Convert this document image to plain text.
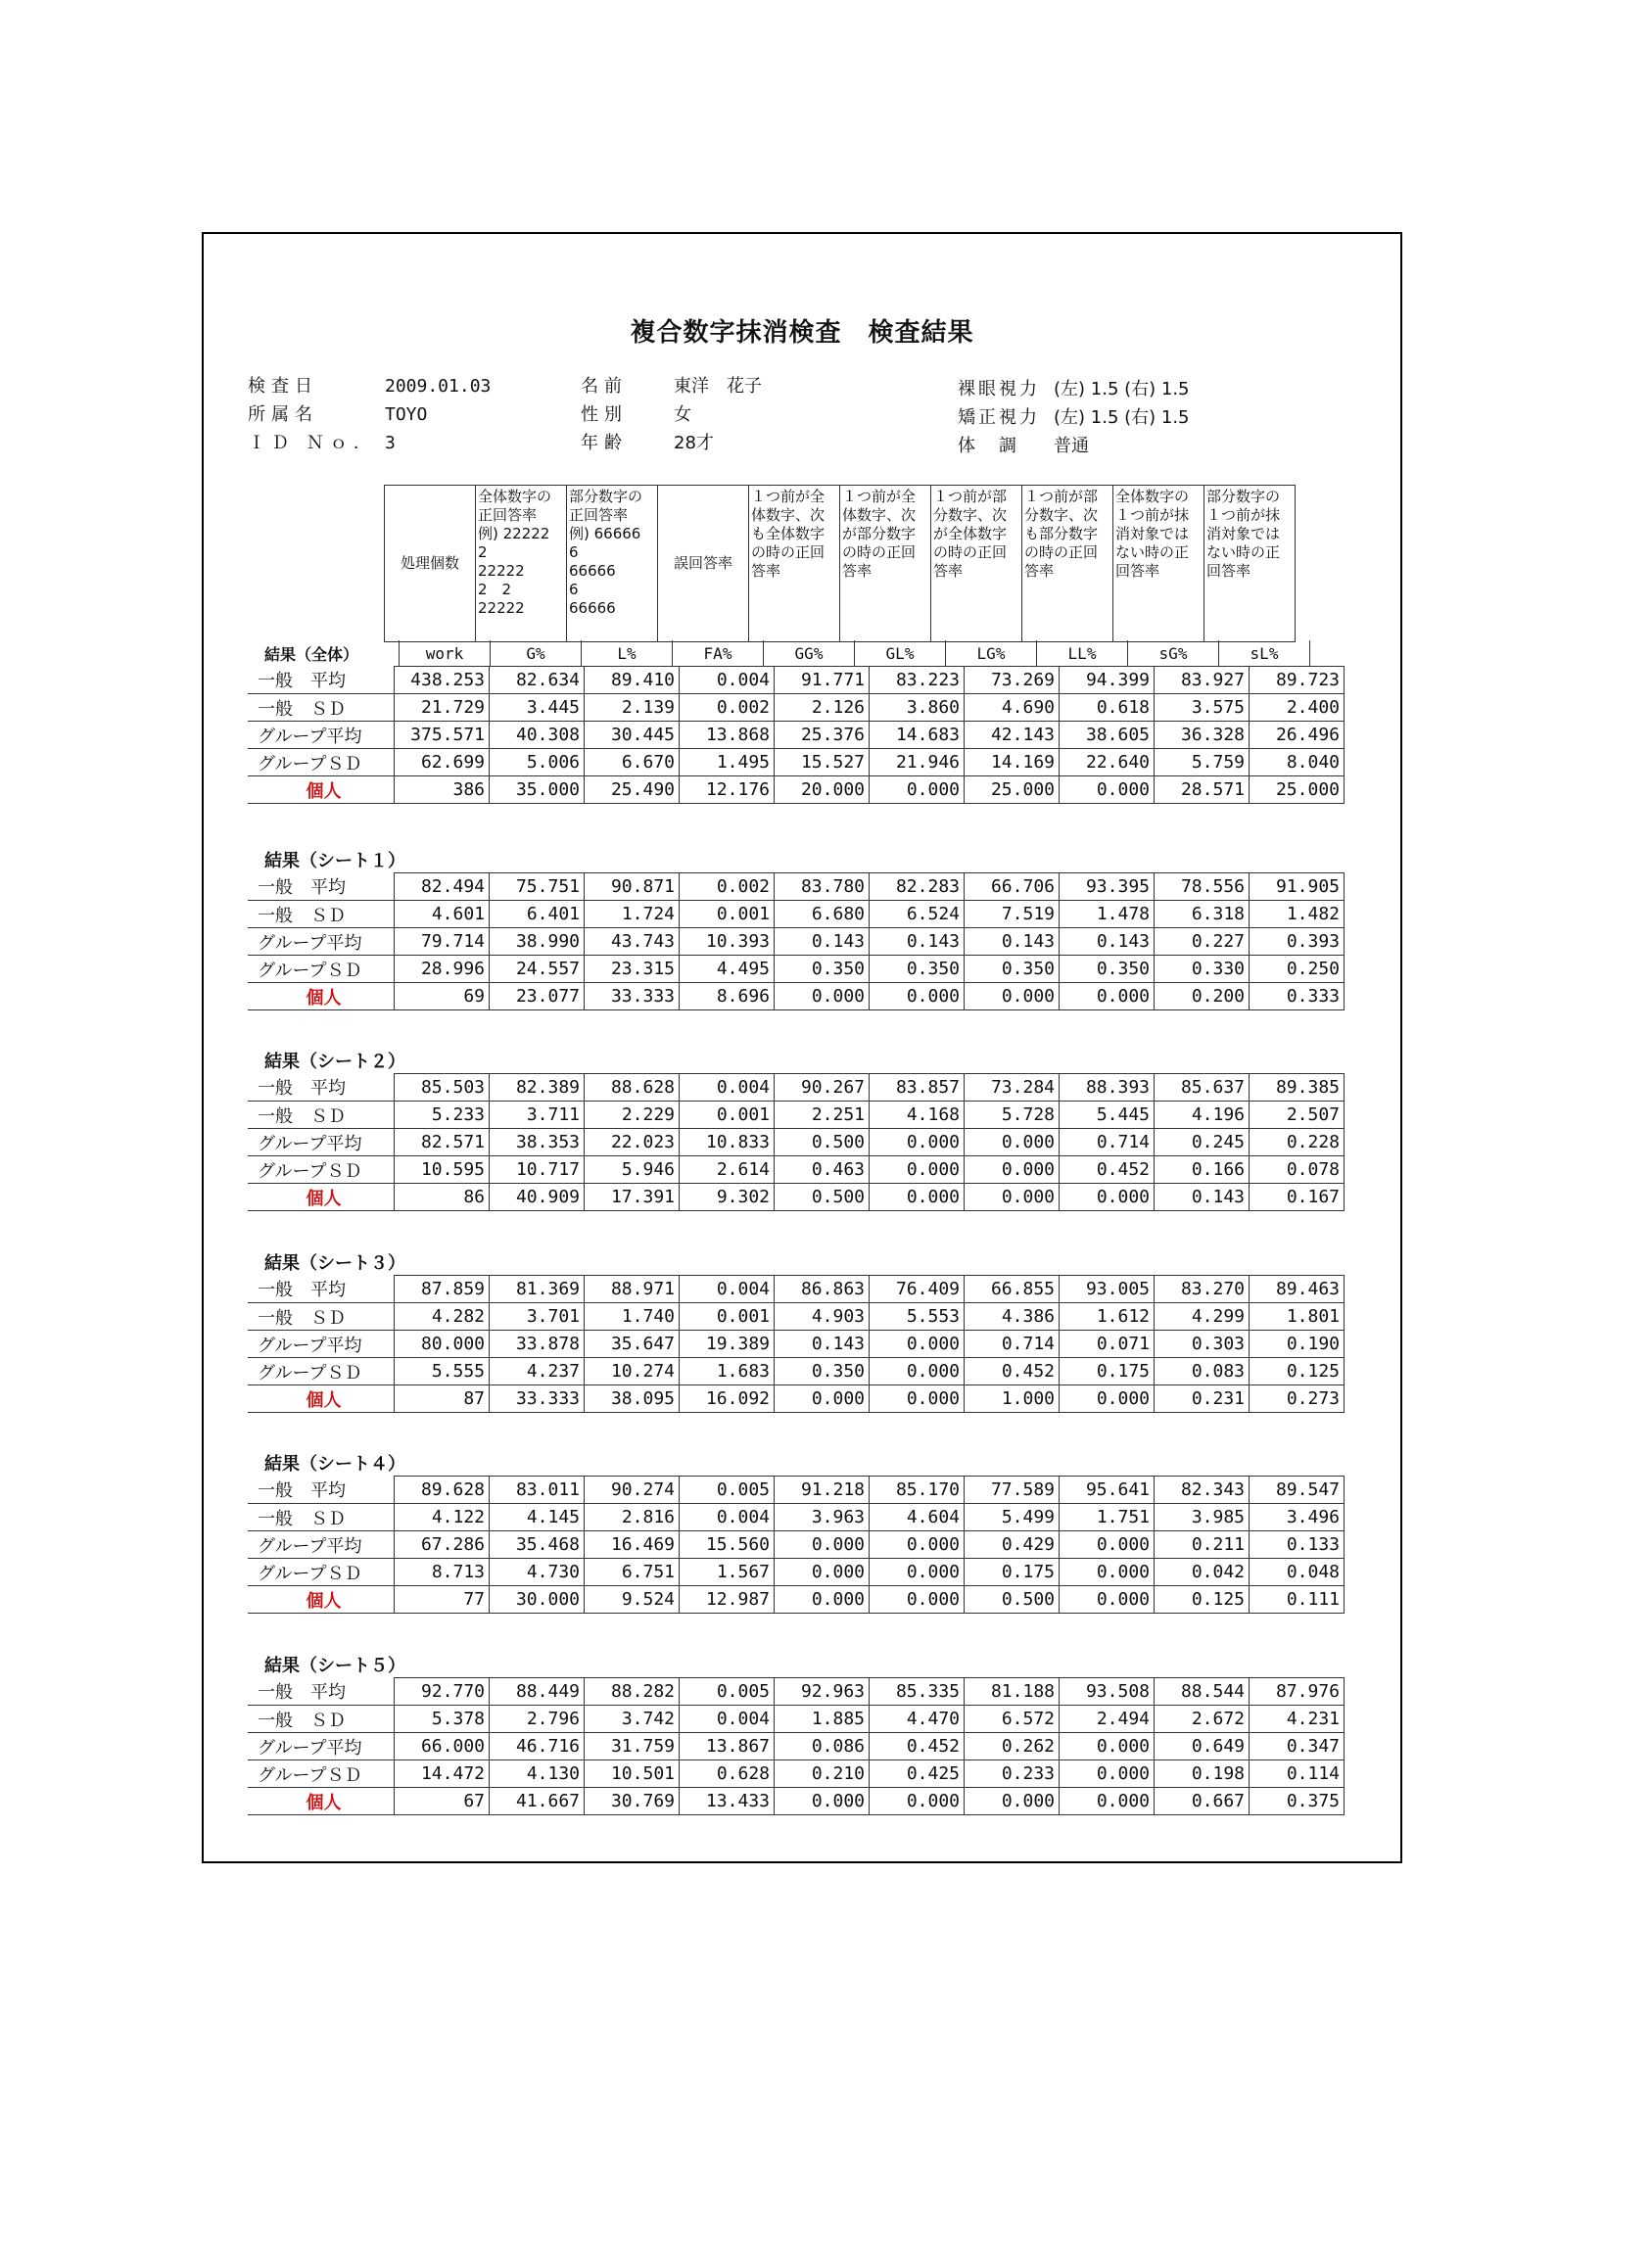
複合数字抹消検査　検査結果
検査日	2009.01.03
所属名	TOYO
ＩＤ Ｎｏ. 3
名前	東洋　花子
性別	女
年齢	28才
裸眼視力 (左) 1.5 (右) 1.5
矯正視力 (左) 1.5 (右) 1.5
体　調 普通
	処理個数	全体数字の
正回答率
例) 22222
2
22222
2　2
22222	部分数字の
正回答率
例) 66666
6
66666
6
66666	誤回答率	１つ前が全
体数字、次
も全体数字
の時の正回
答率	１つ前が全
体数字、次
が部分数字
の時の正回
答率	１つ前が部
分数字、次
が全体数字
の時の正回
答率	１つ前が部
分数字、次
も部分数字
の時の正回
答率	全体数字の
１つ前が抹
消対象では
ない時の正
回答率	部分数字の
１つ前が抹
消対象では
ない時の正
回答率
結果（全体）	work	G%	L%	FA%	GG%	GL%	LG%	LL%	sG%	sL%
一般　平均	438.253	82.634	89.410	0.004	91.771	83.223	73.269	94.399	83.927	89.723
一般　ＳＤ	21.729	3.445	2.139	0.002	2.126	3.860	4.690	0.618	3.575	2.400
グループ平均	375.571	40.308	30.445	13.868	25.376	14.683	42.143	38.605	36.328	26.496
グループＳＤ	62.699	5.006	6.670	1.495	15.527	21.946	14.169	22.640	5.759	8.040
個人	386	35.000	25.490	12.176	20.000	0.000	25.000	0.000	28.571	25.000
結果（シート１）
一般　平均	82.494	75.751	90.871	0.002	83.780	82.283	66.706	93.395	78.556	91.905
一般　ＳＤ	4.601	6.401	1.724	0.001	6.680	6.524	7.519	1.478	6.318	1.482
グループ平均	79.714	38.990	43.743	10.393	0.143	0.143	0.143	0.143	0.227	0.393
グループＳＤ	28.996	24.557	23.315	4.495	0.350	0.350	0.350	0.350	0.330	0.250
個人	69	23.077	33.333	8.696	0.000	0.000	0.000	0.000	0.200	0.333
結果（シート２）
一般　平均	85.503	82.389	88.628	0.004	90.267	83.857	73.284	88.393	85.637	89.385
一般　ＳＤ	5.233	3.711	2.229	0.001	2.251	4.168	5.728	5.445	4.196	2.507
グループ平均	82.571	38.353	22.023	10.833	0.500	0.000	0.000	0.714	0.245	0.228
グループＳＤ	10.595	10.717	5.946	2.614	0.463	0.000	0.000	0.452	0.166	0.078
個人	86	40.909	17.391	9.302	0.500	0.000	0.000	0.000	0.143	0.167
結果（シート３）
一般　平均	87.859	81.369	88.971	0.004	86.863	76.409	66.855	93.005	83.270	89.463
一般　ＳＤ	4.282	3.701	1.740	0.001	4.903	5.553	4.386	1.612	4.299	1.801
グループ平均	80.000	33.878	35.647	19.389	0.143	0.000	0.714	0.071	0.303	0.190
グループＳＤ	5.555	4.237	10.274	1.683	0.350	0.000	0.452	0.175	0.083	0.125
個人	87	33.333	38.095	16.092	0.000	0.000	1.000	0.000	0.231	0.273
結果（シート４）
一般　平均	89.628	83.011	90.274	0.005	91.218	85.170	77.589	95.641	82.343	89.547
一般　ＳＤ	4.122	4.145	2.816	0.004	3.963	4.604	5.499	1.751	3.985	3.496
グループ平均	67.286	35.468	16.469	15.560	0.000	0.000	0.429	0.000	0.211	0.133
グループＳＤ	8.713	4.730	6.751	1.567	0.000	0.000	0.175	0.000	0.042	0.048
個人	77	30.000	9.524	12.987	0.000	0.000	0.500	0.000	0.125	0.111
結果（シート５）
一般　平均	92.770	88.449	88.282	0.005	92.963	85.335	81.188	93.508	88.544	87.976
一般　ＳＤ	5.378	2.796	3.742	0.004	1.885	4.470	6.572	2.494	2.672	4.231
グループ平均	66.000	46.716	31.759	13.867	0.086	0.452	0.262	0.000	0.649	0.347
グループＳＤ	14.472	4.130	10.501	0.628	0.210	0.425	0.233	0.000	0.198	0.114
個人	67	41.667	30.769	13.433	0.000	0.000	0.000	0.000	0.667	0.375
